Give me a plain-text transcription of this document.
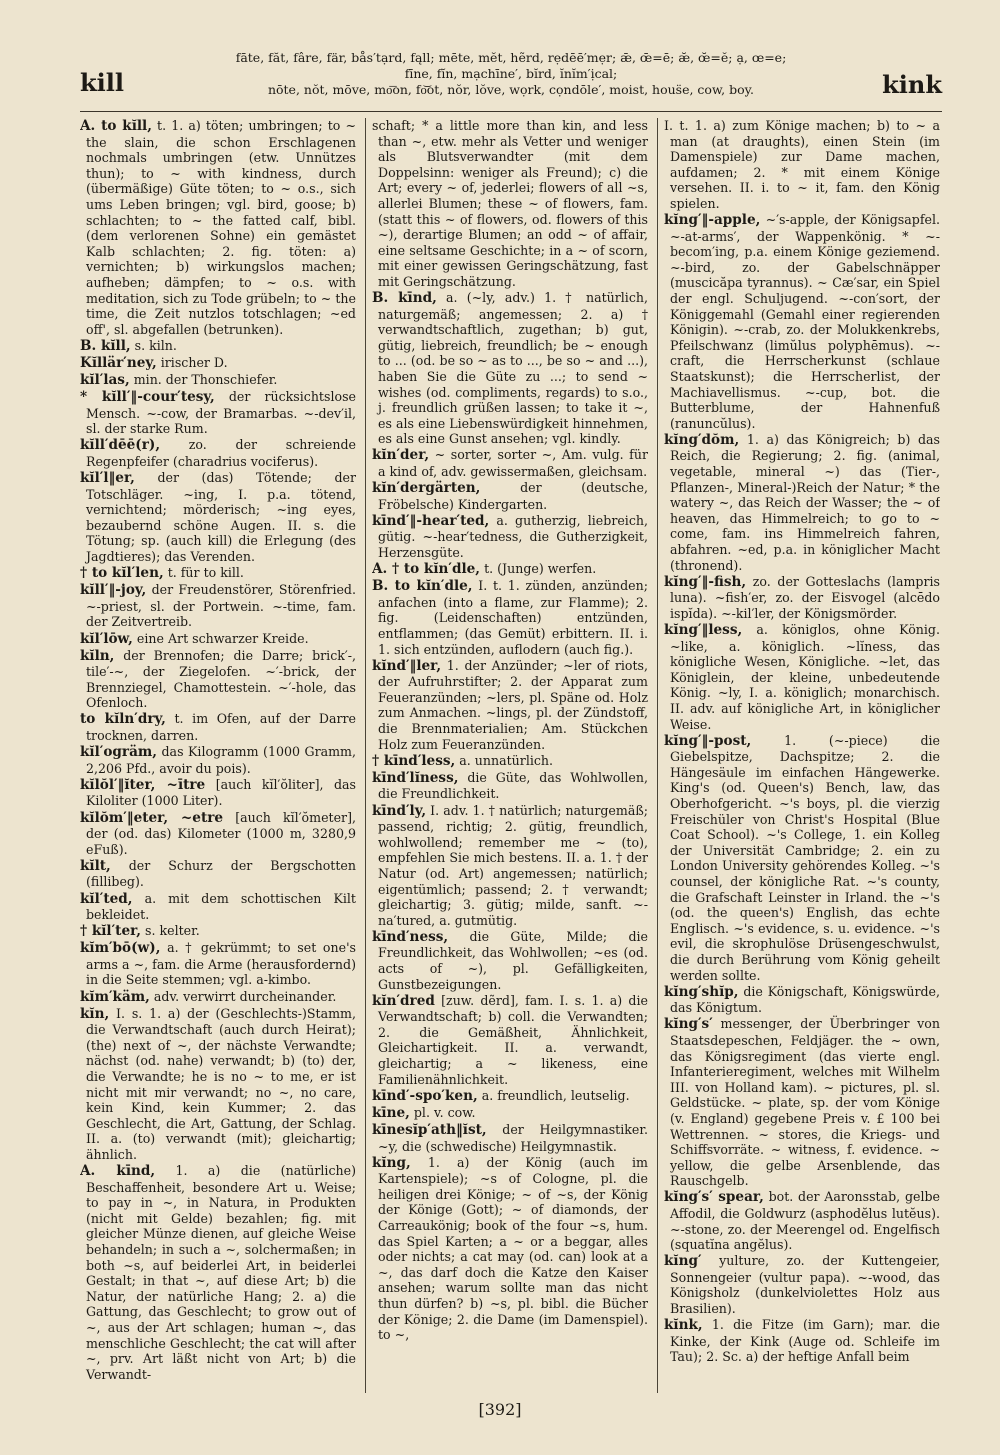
kill
fāte, făt, fâre, fär, bås′tạrd, fąll; mēte, mĕt, hẽrd, rẹdēē′mẹr; ǣ, œ̄=ē; æ̆, œ̆=ĕ; ạ, œ=e;
fīne, fĭn, mạchīne′, bĭrd, ĭnĭm′ịcal;
nōte, nŏt, mōve, mo͞on, fo͝ot, nŏr, lŏve, wọrk, cọndōle′, moist, hous̈e, cow, boy.	kink
A. to kĭll, t. 1. a) töten; umbringen; to ~ the slain, die schon Erschlagenen nochmals umbringen (etw. Unnützes thun); to ~ with kindness, durch (übermäßige) Güte töten; to ~ o.s., sich ums Leben bringen; vgl. bird, goose; b) schlachten; to ~ the fatted calf, bibl. (dem verlorenen Sohne) ein gemästet Kalb schlachten; 2. fig. töten: a) vernichten; b) wirkungslos machen; aufheben; dämpfen; to ~ o.s. with meditation, sich zu Tode grübeln; to ~ the time, die Zeit nutzlos totschlagen; ~ed off', sl. abgefallen (betrunken).
B. kĭll, s. kiln.
Kĭllär′ney, irischer D.
kĭl′las, min. der Thonschiefer.
* kĭll′‖-cour′tesy, der rücksichtslose Mensch. ~-cow, der Bramarbas. ~-dev′il, sl. der starke Rum.
kĭll′dēē(r), zo. der schreiende Regenpfeifer (charadrius vociferus).
kĭl′l‖er, der (das) Tötende; der Totschläger. ~ing, I. p.a. tötend, vernichtend; mörderisch; ~ing eyes, bezaubernd schöne Augen. II. s. die Tötung; sp. (auch kill) die Erlegung (des Jagdtieres); das Verenden.
† to kĭl′len, t. für to kill.
kĭll′‖-joy, der Freudenstörer, Störenfried. ~-priest, sl. der Portwein. ~-time, fam. der Zeitvertreib.
kĭl′lōw, eine Art schwarzer Kreide.
kĭln, der Brennofen; die Darre; brick′-, tile′-~, der Ziegelofen. ~′-brick, der Brennziegel, Chamottestein. ~′-hole, das Ofenloch.
to kĭln′dry, t. im Ofen, auf der Darre trocknen, darren.
kĭl′ogräm, das Kilogramm (1000 Gramm, 2,206 Pfd., avoir du pois).
kĭlŏl′‖ĭter, ~ītre [auch kĭl′ŏliter], das Kiloliter (1000 Liter).
kĭlŏm′‖eter, ~etre [auch kĭl′ŏmeter], der (od. das) Kilometer (1000 m, 3280,9 eFuß).
kĭlt, der Schurz der Bergschotten (fillibeg).
kĭl′ted, a. mit dem schottischen Kilt bekleidet.
† kĭl′ter, s. kelter.
kĭm′bō(w), a. † gekrümmt; to set one's arms a ~, fam. die Arme (herausfordernd) in die Seite stemmen; vgl. a-kimbo.
kĭm′käm, adv. verwirrt durcheinander.
kĭn, I. s. 1. a) der (Geschlechts-)Stamm, die Verwandtschaft (auch durch Heirat); (the) next of ~, der nächste Verwandte; nächst (od. nahe) verwandt; b) (to) der, die Verwandte; he is no ~ to me, er ist nicht mit mir verwandt; no ~, no care, kein Kind, kein Kummer; 2. das Geschlecht, die Art, Gattung, der Schlag. II. a. (to) verwandt (mit); gleichartig; ähnlich.
A. kīnd, 1. a) die (natürliche) Beschaffenheit, besondere Art u. Weise; to pay in ~, in Natura, in Produkten (nicht mit Gelde) bezahlen; fig. mit gleicher Münze dienen, auf gleiche Weise behandeln; in such a ~, solchermaßen; in both ~s, auf beiderlei Art, in beiderlei Gestalt; in that ~, auf diese Art; b) die Natur, der natürliche Hang; 2. a) die Gattung, das Geschlecht; to grow out of ~, aus der Art schlagen; human ~, das menschliche Geschlecht; the cat will after ~, prv. Art läßt nicht von Art; b) die Verwandt-
schaft; * a little more than kin, and less than ~, etw. mehr als Vetter und weniger als Blutsverwandter (mit dem Doppelsinn: weniger als Freund); c) die Art; every ~ of, jederlei; flowers of all ~s, allerlei Blumen; these ~ of flowers, fam. (statt this ~ of flowers, od. flowers of this ~), derartige Blumen; an odd ~ of affair, eine seltsame Geschichte; in a ~ of scorn, mit einer gewissen Geringschätzung, fast mit Geringschätzung.
B. kīnd, a. (~ly, adv.) 1. † natürlich, naturgemäß; angemessen; 2. a) † verwandtschaftlich, zugethan; b) gut, gütig, liebreich, freundlich; be ~ enough to ... (od. be so ~ as to ..., be so ~ and ...), haben Sie die Güte zu ...; to send ~ wishes (od. compliments, regards) to s.o., j. freundlich grüßen lassen; to take it ~, es als eine Liebenswürdigkeit hinnehmen, es als eine Gunst ansehen; vgl. kindly.
kĭn′der, ~ sorter, sorter ~, Am. vulg. für a kind of, adv. gewissermaßen, gleichsam.
kĭn′dergärten,	der (deutsche, Fröbelsche) Kindergarten.
kīnd′‖-hear′ted, a. gutherzig, liebreich, gütig. ~-hear′tedness, die Gutherzigkeit, Herzensgüte.
A. † to kĭn′dle, t. (Junge) werfen.
B. to kĭn′dle, I. t. 1. zünden, anzünden; anfachen (into a flame, zur Flamme); 2. fig. (Leidenschaften) entzünden, entflammen; (das Gemüt) erbittern. II. i. 1. sich entzünden, auflodern (auch fig.).
kĭnd′‖ler, 1. der Anzünder; ~ler of riots, der Aufruhrstifter; 2. der Apparat zum Feueranzünden; ~lers, pl. Späne od. Holz zum Anmachen. ~lings, pl. der Zündstoff, die Brennmaterialien; Am. Stückchen Holz zum Feueranzünden.
† kīnd′less, a. unnatürlich.
kīnd′lĭness, die Güte, das Wohlwollen, die Freundlichkeit.
kīnd′ly, I. adv. 1. † natürlich; naturgemäß; passend, richtig; 2. gütig, freundlich, wohlwollend; remember me ~ (to), empfehlen Sie mich bestens. II. a. 1. † der Natur (od. Art) angemessen; natürlich; eigentümlich; passend; 2. † verwandt; gleichartig; 3. gütig; milde, sanft. ~-na′tured, a. gutmütig.
kīnd′ness, die Güte, Milde; die Freundlichkeit, das Wohlwollen; ~es (od. acts of ~), pl. Gefälligkeiten, Gunstbezeigungen.
kĭn′dred [zuw. dẽrd], fam. I. s. 1. a) die Verwandtschaft; b) coll. die Verwandten; 2. die Gemäßheit, Ähnlichkeit, Gleichartigkeit. II. a. verwandt, gleichartig; a ~ likeness, eine Familienähnlichkeit.
kīnd′-spo′ken, a. freundlich, leutselig.
kīne, pl. v. cow.
kīnesĭp′ath‖ĭst, der Heilgymnastiker. ~y, die (schwedische) Heilgymnastik.
kĭng, 1. a) der König (auch im Kartenspiele); ~s of Cologne, pl. die heiligen drei Könige; ~ of ~s, der König der Könige (Gott); ~ of diamonds, der Carreaukönig; book of the four ~s, hum. das Spiel Karten; a ~ or a beggar, alles oder nichts; a cat may (od. can) look at a ~, das darf doch die Katze den Kaiser ansehen; warum sollte man das nicht thun dürfen? b) ~s, pl. bibl. die Bücher der Könige; 2. die Dame (im Damenspiel). to ~,
I. t. 1. a) zum Könige machen; b) to ~ a man (at draughts), einen Stein (im Damenspiele) zur Dame machen, aufdamen; 2. * mit einem Könige versehen. II. i. to ~ it, fam. den König spielen.
kĭng′‖-apple, ~′s-apple, der Königsapfel. ~-at-arms′, der Wappenkönig. * ~-becom′ing, p.a. einem Könige geziemend. ~-bird, zo. der Gabelschnäpper (muscicăpa tyrannus). ~ Cæ′sar, ein Spiel der engl. Schuljugend. ~-con′sort, der Königgemahl (Gemahl einer regierenden Königin). ~-crab, zo. der Molukkenkrebs, Pfeilschwanz (limŭlus polyphēmus). ~-craft, die Herrscherkunst (schlaue Staatskunst); die Herrscherlist, der Machiavellismus. ~-cup, bot. die Butterblume, der Hahnenfuß (ranuncŭlus).
kĭng′dŏm, 1. a) das Königreich; b) das Reich, die Regierung; 2. fig. (animal, vegetable, mineral ~) das (Tier-, Pflanzen-, Mineral-)Reich der Natur; * the watery ~, das Reich der Wasser; the ~ of heaven, das Himmelreich; to go to ~ come, fam. ins Himmelreich fahren, abfahren. ~ed, p.a. in königlicher Macht (thronend).
kĭng′‖-fish, zo. der Gotteslachs (lampris luna). ~fish′er, zo. der Eisvogel (alcēdo ispĭda). ~-kil′ler, der Königsmörder.
kĭng′‖less, a. königlos, ohne König. ~like, a. königlich. ~lĭness, das königliche Wesen, Königliche. ~let, das Königlein, der kleine, unbedeutende König. ~ly, I. a. königlich; monarchisch. II. adv. auf königliche Art, in königlicher Weise.
kĭng′‖-post,	1. (~-piece) die Giebelspitze, Dachspitze; 2. die Hängesäule im einfachen Hängewerke. King's (od. Queen's) Bench, law, das Oberhofgericht. ~'s boys, pl. die vierzig Freischüler von Christ's Hospital (Blue Coat School). ~'s College, 1. ein Kolleg der Universität Cambridge; 2. ein zu London University gehörendes Kolleg. ~'s counsel, der königliche Rat. ~'s county, die Grafschaft Leinster in Irland. the ~'s (od. the queen's) English, das echte Englisch. ~'s evidence, s. u. evidence. ~'s evil, die skrophulöse Drüsengeschwulst, die durch Berührung vom König geheilt werden sollte.
kĭng′shĭp, die Königschaft, Königswürde, das Königtum.
kĭng′s′ messenger, der Überbringer von Staatsdepeschen, Feldjäger. the ~ own, das Königsregiment (das vierte engl. Infanterieregiment, welches mit Wilhelm III. von Holland kam). ~ pictures, pl. sl. Geldstücke. ~ plate, sp. der vom Könige (v. England) gegebene Preis v. £ 100 bei Wettrennen. ~ stores, die Kriegs- und Schiffsvorräte. ~ witness, f. evidence. ~ yellow, die gelbe Arsenblende, das Rauschgelb.
kĭng′s′ spear, bot. der Aaronsstab, gelbe Affodil, die Goldwurz (asphodĕlus lutĕus). ~-stone, zo. der Meerengel od. Engelfisch (squatĭna angĕlus).
kĭng′ yulture, zo. der Kuttengeier, Sonnengeier (vultur papa). ~-wood, das Königsholz (dunkelviolettes Holz aus Brasilien).
kĭnk, 1. die Fitze (im Garn); mar. die Kinke, der Kink (Auge od. Schleife im Tau); 2. Sc. a) der heftige Anfall beim
[392]
